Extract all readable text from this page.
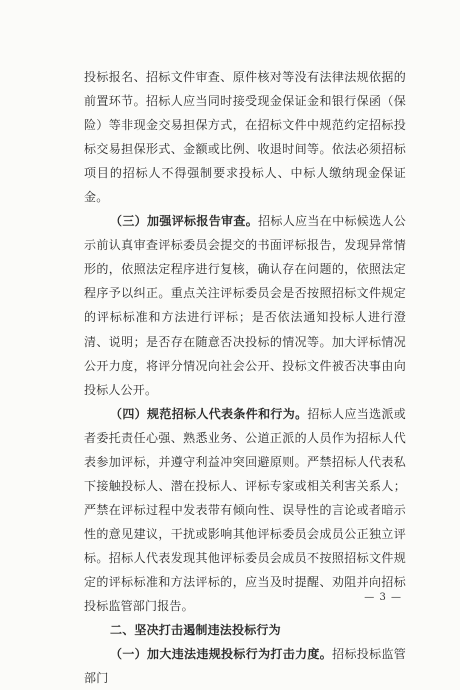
投标报名、招标文件审查、原件核对等没有法律法规依据的前置环节。招标人应当同时接受现金保证金和银行保函（保险）等非现金交易担保方式，在招标文件中规范约定招标投标交易担保形式、金额或比例、收退时间等。依法必须招标项目的招标人不得强制要求投标人、中标人缴纳现金保证金。

（三）加强评标报告审查。招标人应当在中标候选人公示前认真审查评标委员会提交的书面评标报告，发现异常情形的，依照法定程序进行复核，确认存在问题的，依照法定程序予以纠正。重点关注评标委员会是否按照招标文件规定的评标标准和方法进行评标；是否依法通知投标人进行澄清、说明；是否存在随意否决投标的情况等。加大评标情况公开力度，将评分情况向社会公开、投标文件被否决事由向投标人公开。

（四）规范招标人代表条件和行为。招标人应当选派或者委托责任心强、熟悉业务、公道正派的人员作为招标人代表参加评标，并遵守利益冲突回避原则。严禁招标人代表私下接触投标人、潜在投标人、评标专家或相关利害关系人；严禁在评标过程中发表带有倾向性、误导性的言论或者暗示性的意见建议，干扰或影响其他评标委员会成员公正独立评标。招标人代表发现其他评标委员会成员不按照招标文件规定的评标标准和方法评标的，应当及时提醒、劝阻并向招标投标监管部门报告。

二、坚决打击遏制违法投标行为

（一）加大违法违规投标行为打击力度。招标投标监管部门

— 3 —
